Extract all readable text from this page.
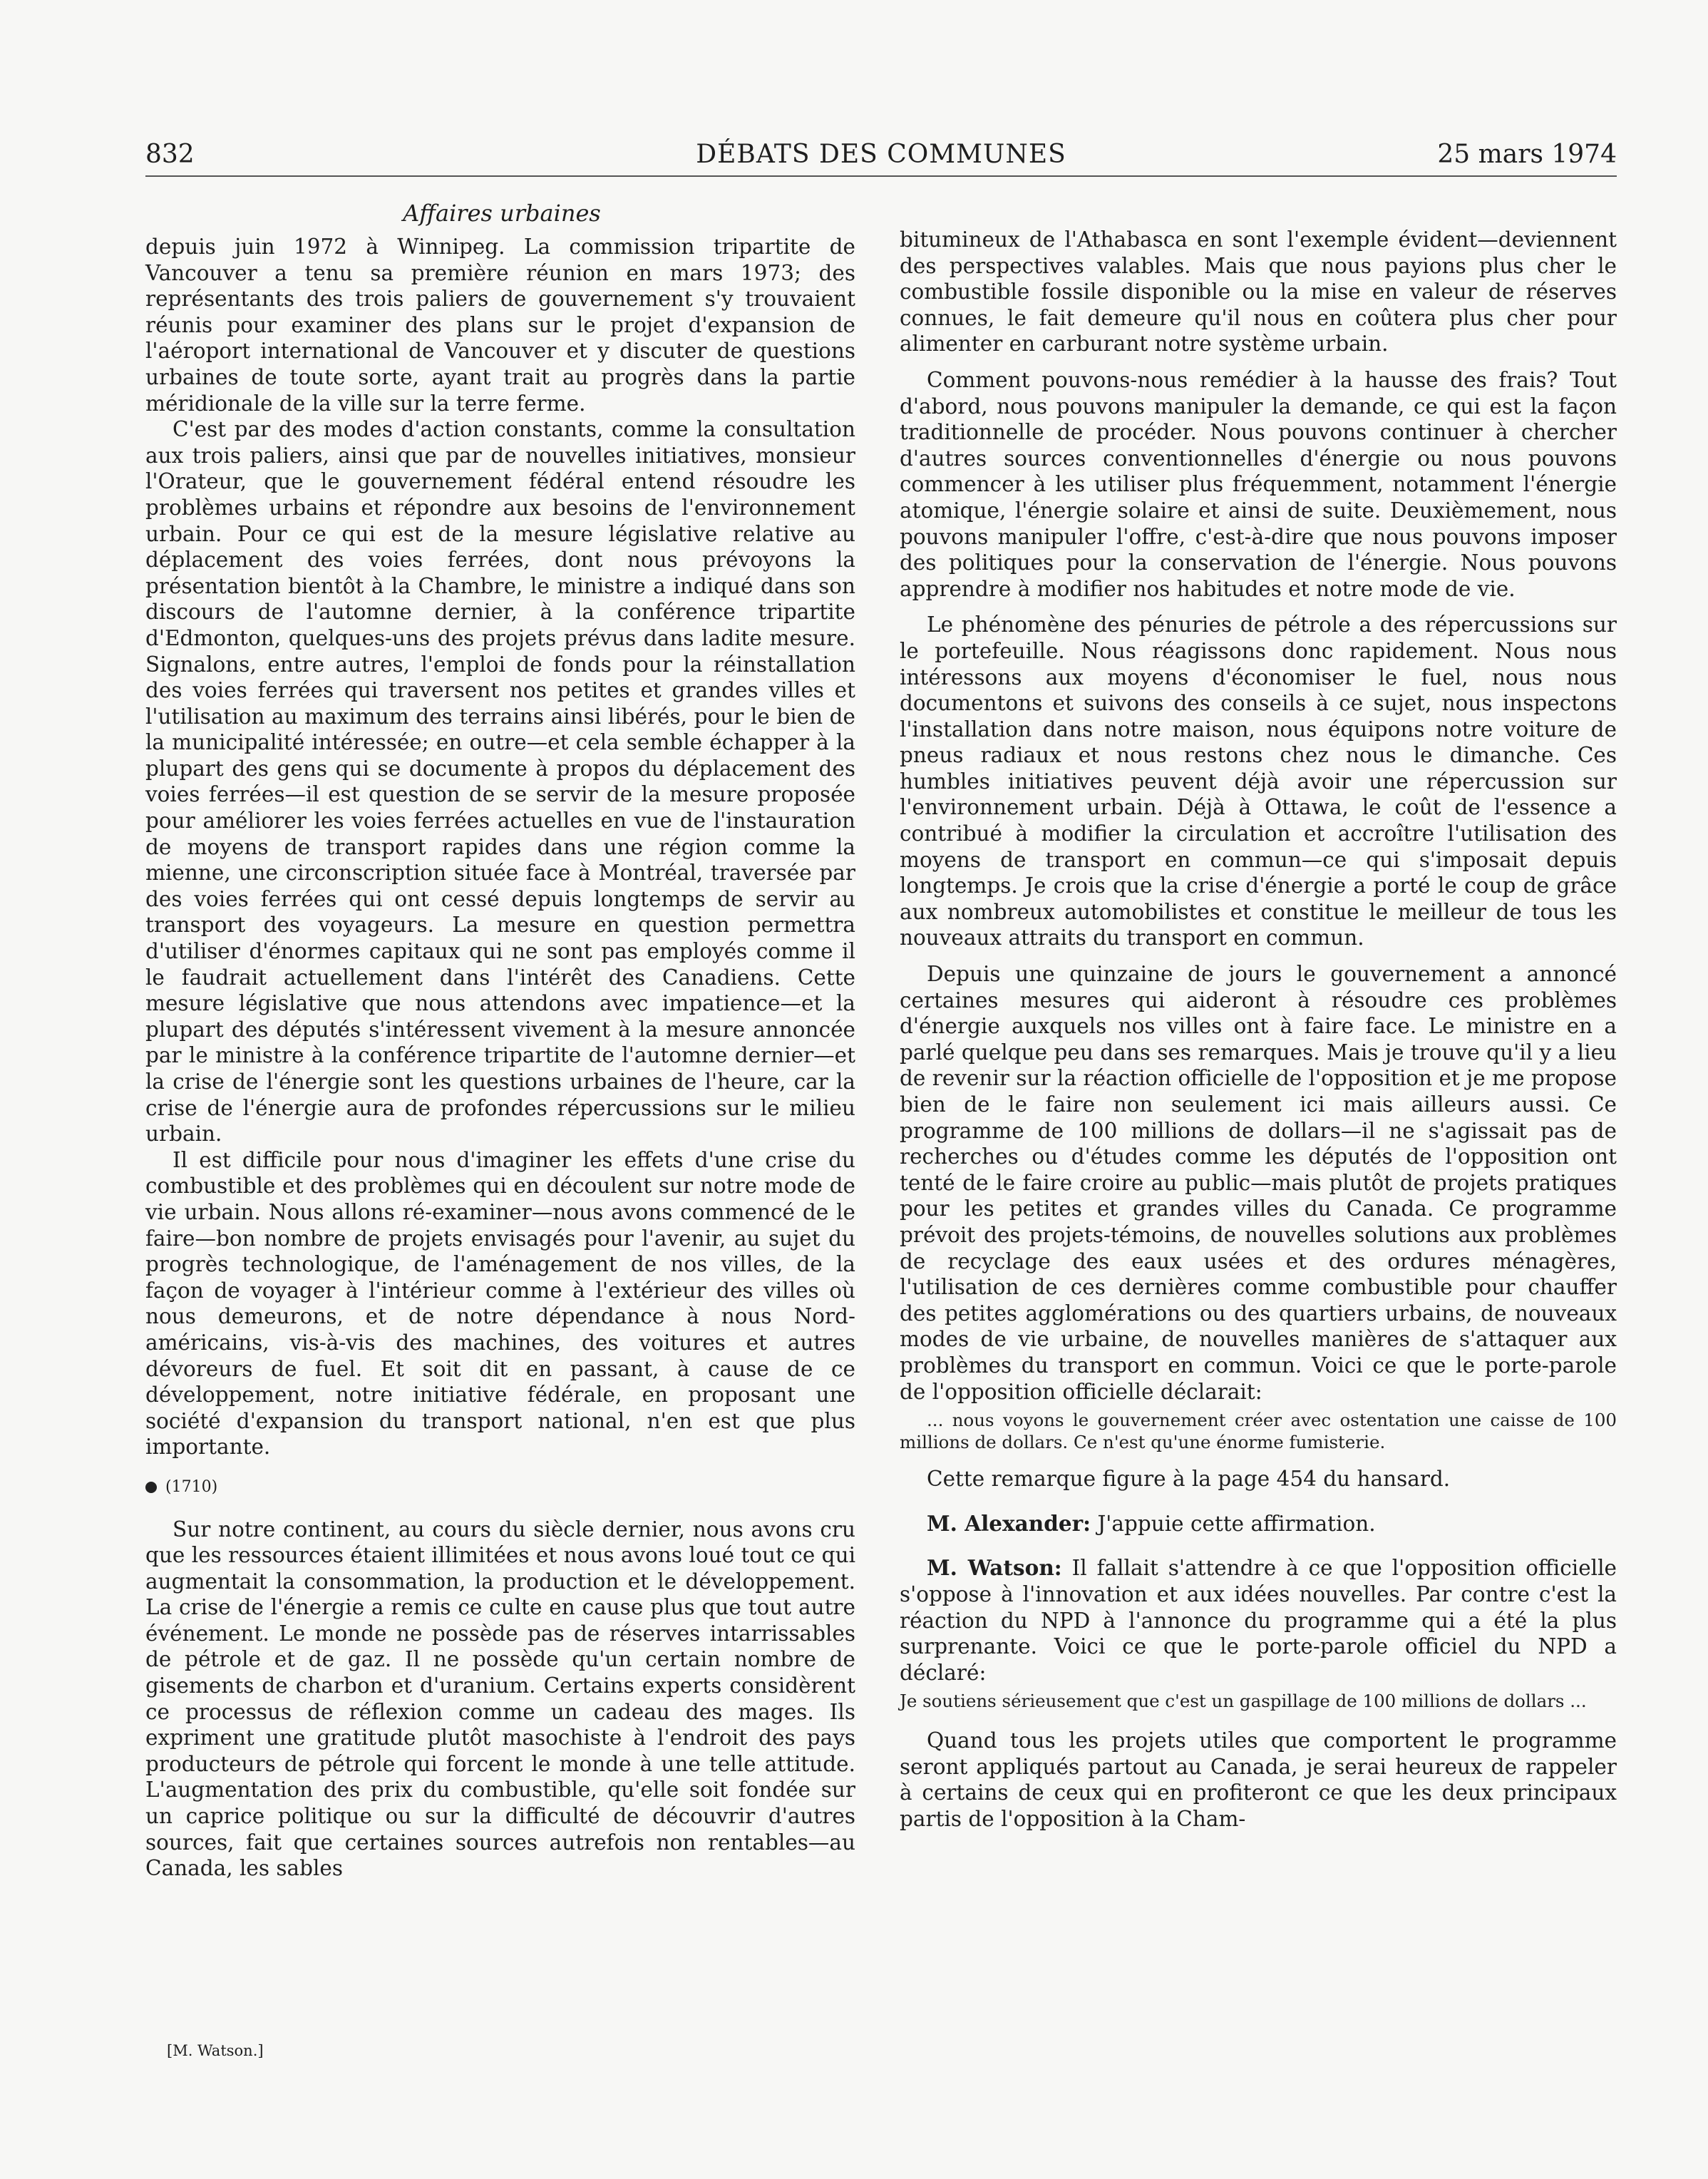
832	DÉBATS DES COMMUNES	25 mars 1974
Affaires urbaines

depuis juin 1972 à Winnipeg. La commission tripartite de Vancouver a tenu sa première réunion en mars 1973; des représentants des trois paliers de gouvernement s'y trouvaient réunis pour examiner des plans sur le projet d'expansion de l'aéroport international de Vancouver et y discuter de questions urbaines de toute sorte, ayant trait au progrès dans la partie méridionale de la ville sur la terre ferme.

C'est par des modes d'action constants, comme la consultation aux trois paliers, ainsi que par de nouvelles initiatives, monsieur l'Orateur, que le gouvernement fédéral entend résoudre les problèmes urbains et répondre aux besoins de l'environnement urbain. Pour ce qui est de la mesure législative relative au déplacement des voies ferrées, dont nous prévoyons la présentation bientôt à la Chambre, le ministre a indiqué dans son discours de l'automne dernier, à la conférence tripartite d'Edmonton, quelques-uns des projets prévus dans ladite mesure. Signalons, entre autres, l'emploi de fonds pour la réinstallation des voies ferrées qui traversent nos petites et grandes villes et l'utilisation au maximum des terrains ainsi libérés, pour le bien de la municipalité intéressée; en outre—et cela semble échapper à la plupart des gens qui se documente à propos du déplacement des voies ferrées—il est question de se servir de la mesure proposée pour améliorer les voies ferrées actuelles en vue de l'instauration de moyens de transport rapides dans une région comme la mienne, une circonscription située face à Montréal, traversée par des voies ferrées qui ont cessé depuis longtemps de servir au transport des voyageurs. La mesure en question permettra d'utiliser d'énormes capitaux qui ne sont pas employés comme il le faudrait actuellement dans l'intérêt des Canadiens. Cette mesure législative que nous attendons avec impatience—et la plupart des députés s'intéressent vivement à la mesure annoncée par le ministre à la conférence tripartite de l'automne dernier—et la crise de l'énergie sont les questions urbaines de l'heure, car la crise de l'énergie aura de profondes répercussions sur le milieu urbain.

Il est difficile pour nous d'imaginer les effets d'une crise du combustible et des problèmes qui en découlent sur notre mode de vie urbain. Nous allons ré-examiner—nous avons commencé de le faire—bon nombre de projets envisagés pour l'avenir, au sujet du progrès technologique, de l'aménagement de nos villes, de la façon de voyager à l'intérieur comme à l'extérieur des villes où nous demeurons, et de notre dépendance à nous Nord-américains, vis-à-vis des machines, des voitures et autres dévoreurs de fuel. Et soit dit en passant, à cause de ce développement, notre initiative fédérale, en proposant une société d'expansion du transport national, n'en est que plus importante.

(1710)

Sur notre continent, au cours du siècle dernier, nous avons cru que les ressources étaient illimitées et nous avons loué tout ce qui augmentait la consommation, la production et le développement. La crise de l'énergie a remis ce culte en cause plus que tout autre événement. Le monde ne possède pas de réserves intarrissables de pétrole et de gaz. Il ne possède qu'un certain nombre de gisements de charbon et d'uranium. Certains experts considèrent ce processus de réflexion comme un cadeau des mages. Ils expriment une gratitude plutôt masochiste à l'endroit des pays producteurs de pétrole qui forcent le monde à une telle attitude. L'augmentation des prix du combustible, qu'elle soit fondée sur un caprice politique ou sur la difficulté de découvrir d'autres sources, fait que certaines sources autrefois non rentables—au Canada, les sables

bitumineux de l'Athabasca en sont l'exemple évident—deviennent des perspectives valables. Mais que nous payions plus cher le combustible fossile disponible ou la mise en valeur de réserves connues, le fait demeure qu'il nous en coûtera plus cher pour alimenter en carburant notre système urbain.

Comment pouvons-nous remédier à la hausse des frais? Tout d'abord, nous pouvons manipuler la demande, ce qui est la façon traditionnelle de procéder. Nous pouvons continuer à chercher d'autres sources conventionnelles d'énergie ou nous pouvons commencer à les utiliser plus fréquemment, notamment l'énergie atomique, l'énergie solaire et ainsi de suite. Deuxièmement, nous pouvons manipuler l'offre, c'est-à-dire que nous pouvons imposer des politiques pour la conservation de l'énergie. Nous pouvons apprendre à modifier nos habitudes et notre mode de vie.

Le phénomène des pénuries de pétrole a des répercussions sur le portefeuille. Nous réagissons donc rapidement. Nous nous intéressons aux moyens d'économiser le fuel, nous nous documentons et suivons des conseils à ce sujet, nous inspectons l'installation dans notre maison, nous équipons notre voiture de pneus radiaux et nous restons chez nous le dimanche. Ces humbles initiatives peuvent déjà avoir une répercussion sur l'environnement urbain. Déjà à Ottawa, le coût de l'essence a contribué à modifier la circulation et accroître l'utilisation des moyens de transport en commun—ce qui s'imposait depuis longtemps. Je crois que la crise d'énergie a porté le coup de grâce aux nombreux automobilistes et constitue le meilleur de tous les nouveaux attraits du transport en commun.

Depuis une quinzaine de jours le gouvernement a annoncé certaines mesures qui aideront à résoudre ces problèmes d'énergie auxquels nos villes ont à faire face. Le ministre en a parlé quelque peu dans ses remarques. Mais je trouve qu'il y a lieu de revenir sur la réaction officielle de l'opposition et je me propose bien de le faire non seulement ici mais ailleurs aussi. Ce programme de 100 millions de dollars—il ne s'agissait pas de recherches ou d'études comme les députés de l'opposition ont tenté de le faire croire au public—mais plutôt de projets pratiques pour les petites et grandes villes du Canada. Ce programme prévoit des projets-témoins, de nouvelles solutions aux problèmes de recyclage des eaux usées et des ordures ménagères, l'utilisation de ces dernières comme combustible pour chauffer des petites agglomérations ou des quartiers urbains, de nouveaux modes de vie urbaine, de nouvelles manières de s'attaquer aux problèmes du transport en commun. Voici ce que le porte-parole de l'opposition officielle déclarait:

... nous voyons le gouvernement créer avec ostentation une caisse de 100 millions de dollars. Ce n'est qu'une énorme fumisterie.

Cette remarque figure à la page 454 du hansard.

M. Alexander: J'appuie cette affirmation.

M. Watson: Il fallait s'attendre à ce que l'opposition officielle s'oppose à l'innovation et aux idées nouvelles. Par contre c'est la réaction du NPD à l'annonce du programme qui a été la plus surprenante. Voici ce que le porte-parole officiel du NPD a déclaré:

Je soutiens sérieusement que c'est un gaspillage de 100 millions de dollars ...

Quand tous les projets utiles que comportent le programme seront appliqués partout au Canada, je serai heureux de rappeler à certains de ceux qui en profiteront ce que les deux principaux partis de l'opposition à la Cham-

[M. Watson.]
